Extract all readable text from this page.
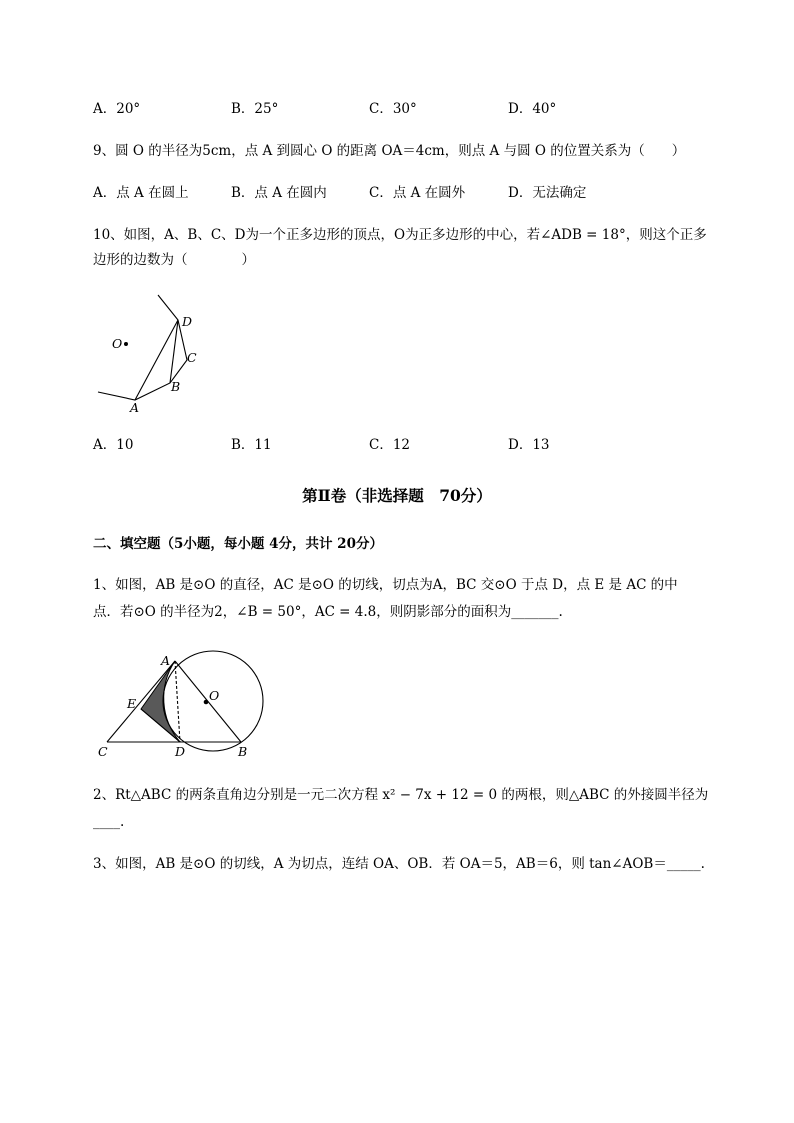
A．20°	B．25°	C．30°	D．40°
9、圆 O 的半径为5cm，点 A 到圆心 O 的距离 OA＝4cm，则点 A 与圆 O 的位置关系为（　　）
A．点 A 在圆上	B．点 A 在圆内	C．点 A 在圆外	D．无法确定
10、如图，A、B、C、D为一个正多边形的顶点，O为正多边形的中心，若∠ADB = 18°，则这个正多
边形的边数为（　　　　）
O
D
C
B
A
A．10	B．11	C．12	D．13
第Ⅱ卷（非选择题　70分）
二、填空题（5小题，每小题 4分，共计 20分）
1、如图，AB 是⊙O 的直径，AC 是⊙O 的切线，切点为A，BC 交⊙O 于点 D，点 E 是 AC 的中
点．若⊙O 的半径为2，∠B = 50°，AC = 4.8，则阴影部分的面积为_______.
A
O
E
C	D	B
2、Rt△ABC 的两条直角边分别是一元二次方程 x² − 7x + 12 = 0 的两根，则△ABC 的外接圆半径为
____.
3、如图，AB 是⊙O 的切线，A 为切点，连结 OA、OB．若 OA＝5，AB＝6，则 tan∠AOB＝_____.
